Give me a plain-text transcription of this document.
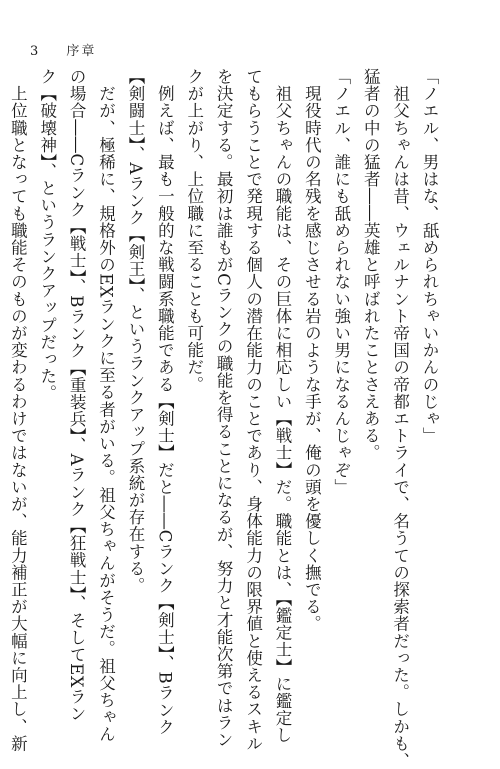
3 序章
「ノエル、男はな、舐められちゃいかんのじゃ」
　祖父ちゃんは昔、ウェルナント帝国の帝都エトライで、名うての探索者だった。しかも、
猛者の中の猛者――英雄と呼ばれたことさえある。
「ノエル、誰にも舐められない強い男になるんじゃぞ」
　現役時代の名残を感じさせる岩のような手が、俺の頭を優しく撫でる。
　祖父ちゃんの職能は、その巨体に相応しい【戦士】だ。職能とは、【鑑定士】に鑑定し
てもらうことで発現する個人の潜在能力のことであり、身体能力の限界値と使えるスキル
を決定する。最初は誰もがCランクの職能を得ることになるが、努力と才能次第ではラン
クが上がり、上位職に至ることも可能だ。
　例えば、最も一般的な戦闘系職能である【剣士】だと――Cランク【剣士】、Bランク
【剣闘士】、Aランク【剣王】、というランクアップ系統が存在する。
　だが、極稀に、規格外のEXランクに至る者がいる。祖父ちゃんがそうだ。祖父ちゃん
の場合――Cランク【戦士】、Bランク【重装兵】、Aランク【狂戦士】、そしてEXラン
ク【破壊神】、というランクアップだった。
　上位職となっても職能そのものが変わるわけではないが、能力補正が大幅に向上し、新
